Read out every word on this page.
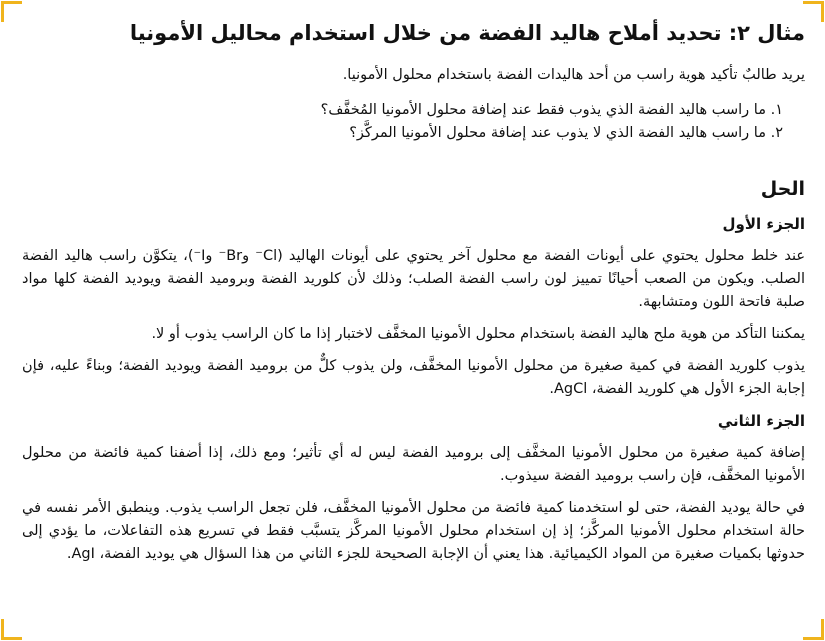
مثال ٢: تحديد أملاح هاليد الفضة من خلال استخدام محاليل الأمونيا

يريد طالبٌ تأكيد هوية راسب من أحد هاليدات الفضة باستخدام محلول الأمونيا.

١. ما راسب هاليد الفضة الذي يذوب فقط عند إضافة محلول الأمونيا المُخفَّف؟
٢. ما راسب هاليد الفضة الذي لا يذوب عند إضافة محلول الأمونيا المركَّز؟
الحل
الجزء الأول

عند خلط محلول يحتوي على أيونات الفضة مع محلول آخر يحتوي على أيونات الهاليد (Cl⁻ وBr⁻ وI⁻)، يتكوَّن راسب هاليد الفضة الصلب. ويكون من الصعب أحيانًا تمييز لون راسب الفضة الصلب؛ وذلك لأن كلوريد الفضة وبروميد الفضة ويوديد الفضة كلها مواد صلبة فاتحة اللون ومتشابهة.

يمكننا التأكد من هوية ملح هاليد الفضة باستخدام محلول الأمونيا المخفَّف لاختبار إذا ما كان الراسب يذوب أو لا.

يذوب كلوريد الفضة في كمية صغيرة من محلول الأمونيا المخفَّف، ولن يذوب كلٌّ من بروميد الفضة ويوديد الفضة؛ وبناءً عليه، فإن إجابة الجزء الأول هي كلوريد الفضة، AgCl.

الجزء الثاني

إضافة كمية صغيرة من محلول الأمونيا المخفَّف إلى بروميد الفضة ليس له أي تأثير؛ ومع ذلك، إذا أضفنا كمية فائضة من محلول الأمونيا المخفَّف، فإن راسب بروميد الفضة سيذوب.

في حالة يوديد الفضة، حتى لو استخدمنا كمية فائضة من محلول الأمونيا المخفَّف، فلن تجعل الراسب يذوب. وينطبق الأمر نفسه في حالة استخدام محلول الأمونيا المركَّز؛ إذ إن استخدام محلول الأمونيا المركَّز يتسبَّب فقط في تسريع هذه التفاعلات، ما يؤدي إلى حدوثها بكميات صغيرة من المواد الكيميائية. هذا يعني أن الإجابة الصحيحة للجزء الثاني من هذا السؤال هي يوديد الفضة، AgI.
